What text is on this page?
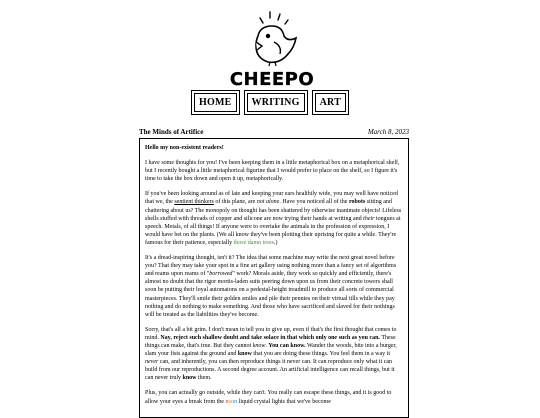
CHEEPO
HOME	WRITING	ART
The Minds of Artifice	March 8, 2023

Hello my non-existent readers!

I have some thoughts for you! I've been keeping them in a little metaphorical box on a metaphorical shelf, but I recently bought a little metaphorical figurine that I would prefer to place on the shelf, so I figure it's time to take the box down and open it up, metaphorically.

If you've been looking around as of late and keeping your ears healthily wide, you may well have noticed that we, the sentient thinkers of this plane, are not alone. Have you noticed all of the robots sitting and chattering about us? The monopoly on thought has been shattered by otherwise inanimate objects! Lifeless shells stuffed with threads of copper and silicone are now trying their hands at writing and their tongues at speech. Metals, of all things! If anyone were to overtake the animals in the profession of expression, I would have bet on the plants. (We all know they've been plotting their uprising for quite a while. They're famous for their patience, especially those damn trees.)

It's a dread-inspiring thought, isn't it? The idea that some machine may write the next great novel before you? That they may take your spot in a fine art gallery using nothing more than a fancy set of algorithms and reams upon reams of "borrowed" work? Morals aside, they work so quickly and efficiently, there's almost no doubt that the rigor mortis-laden suits peering down upon us from their concrete towers shall soon be putting their loyal automatons on a pedestal-height treadmill to produce all sorts of commercial masterpieces. They'll smile their golden smiles and pile their pennies on their virtual tills while they pay nothing and do nothing to make something. And those who have sacrificed and slaved for their nothings will be treated as the liabilities they've become.

Sorry, that's all a bit grim. I don't mean to tell you to give up, even if that's the first thought that comes to mind. Nay, reject such shallow doubt and take solace in that which only one such as you can. These things can make, that's true. But they cannot know. You can know. Wander the woods, bite into a burger, slam your fists against the ground and know that you are doing these things. You feel them in a way it never can, and inherently, you can then reproduce things it never can. It can reproduce only what it can build from our reproductions. A second degree account. An artificial intelligence can recall things, but it can never truly know them.

Plus, you can actually go outside, while they can't. You really can escape these things, and it is good to allow your eyes a break from the neon liquid crystal lights that we've become
